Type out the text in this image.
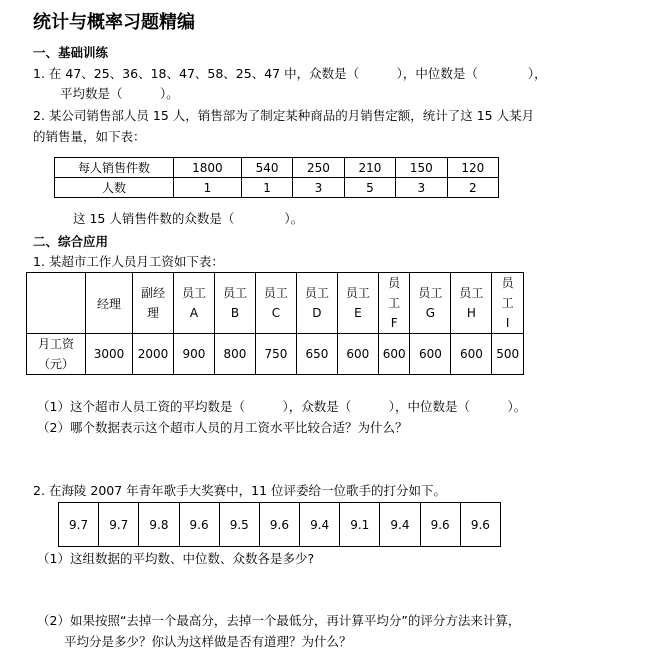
统计与概率习题精编
一、基础训练
1. 在 47、25、36、18、47、58、25、47 中，众数是（　　　），中位数是（　　　　），
平均数是（　　　）。
2. 某公司销售部人员 15 人，销售部为了制定某种商品的月销售定额，统计了这 15 人某月
的销售量，如下表：
每人销售件数	1800	540	250	210	150	120
人数	1	1	3	5	3	2
这 15 人销售件数的众数是（　　　　）。
二、综合应用
1. 某超市工作人员月工资如下表：
	经理	副经理	员工A	员工B	员工C	员工D	员工E	员工F	员工G	员工H	员工I
月工资（元）	3000	2000	900	800	750	650	600	600	600	600	500
（1）这个超市人员工资的平均数是（　　　），众数是（　　　），中位数是（　　　）。
（2）哪个数据表示这个超市人员的月工资水平比较合适？为什么？
2. 在海陵 2007 年青年歌手大奖赛中，11 位评委给一位歌手的打分如下。
9.7	9.7	9.8	9.6	9.5	9.6	9.4	9.1	9.4	9.6	9.6
（1）这组数据的平均数、中位数、众数各是多少?
（2）如果按照“去掉一个最高分，去掉一个最低分，再计算平均分”的评分方法来计算，
平均分是多少？你认为这样做是否有道理？为什么？
